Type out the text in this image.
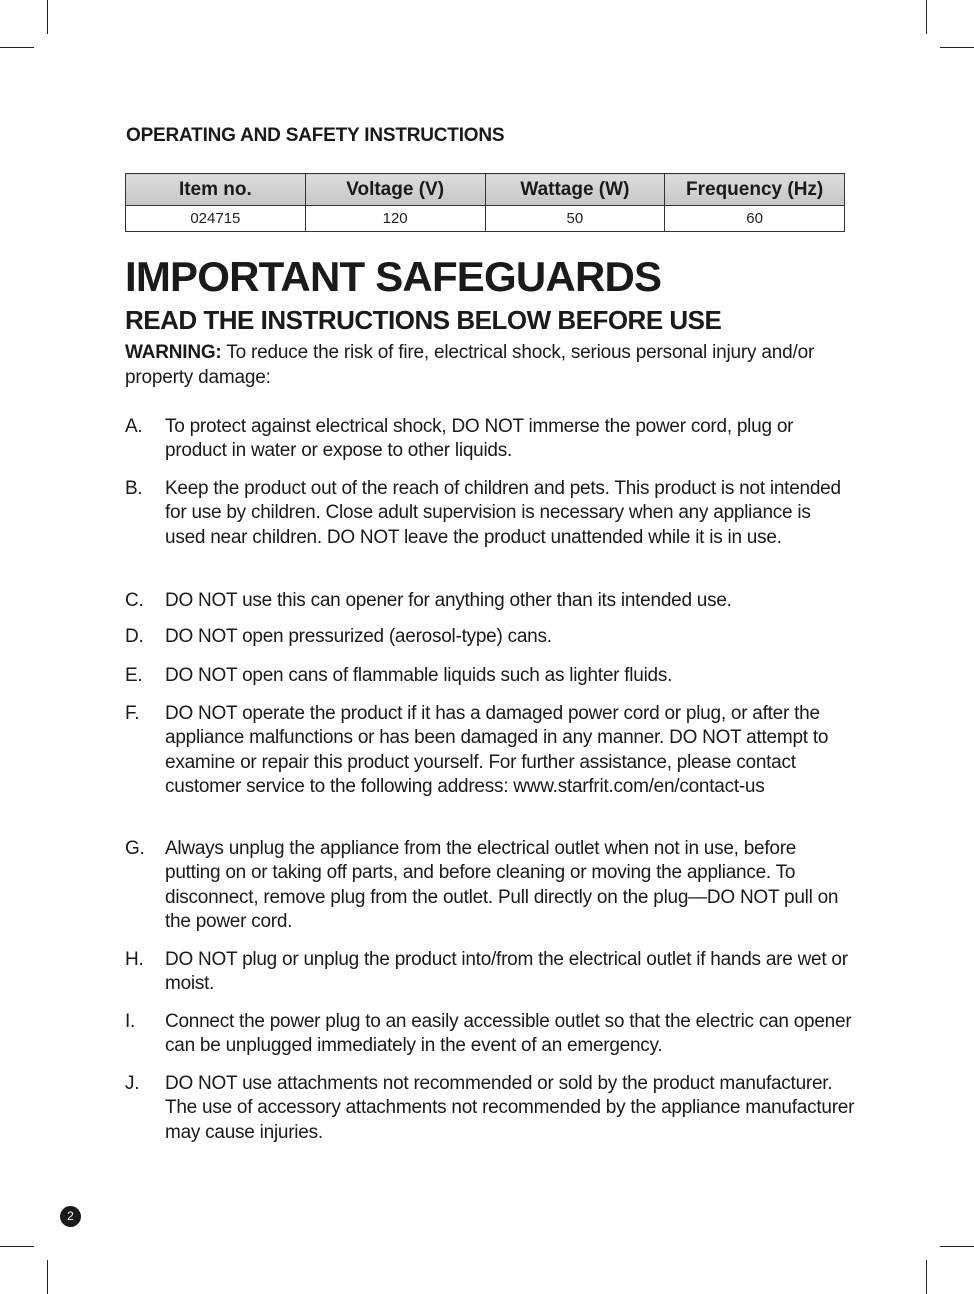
OPERATING AND SAFETY INSTRUCTIONS
Item no.	Voltage (V)	Wattage (W)	Frequency (Hz)
024715	120	50	60
IMPORTANT SAFEGUARDS
READ THE INSTRUCTIONS BELOW BEFORE USE
WARNING: To reduce the risk of fire, electrical shock, serious personal injury and/or property damage:
A.	To protect against electrical shock, DO NOT immerse the power cord, plug or product in water or expose to other liquids.
B.	Keep the product out of the reach of children and pets. This product is not intended for use by children. Close adult supervision is necessary when any appliance is used near children. DO NOT leave the product unattended while it is in use.
C.	DO NOT use this can opener for anything other than its intended use.
D.	DO NOT open pressurized (aerosol-type) cans.
E.	DO NOT open cans of flammable liquids such as lighter fluids.
F.	DO NOT operate the product if it has a damaged power cord or plug, or after the appliance malfunctions or has been damaged in any manner. DO NOT attempt to examine or repair this product yourself. For further assistance, please contact customer service to the following address: www.starfrit.com/en/contact-us
G.	Always unplug the appliance from the electrical outlet when not in use, before putting on or taking off parts, and before cleaning or moving the appliance. To disconnect, remove plug from the outlet. Pull directly on the plug—DO NOT pull on the power cord.
H.	DO NOT plug or unplug the product into/from the electrical outlet if hands are wet or moist.
I.	Connect the power plug to an easily accessible outlet so that the electric can opener can be unplugged immediately in the event of an emergency.
J.	DO NOT use attachments not recommended or sold by the product manufacturer. The use of accessory attachments not recommended by the appliance manufacturer may cause injuries.
2
